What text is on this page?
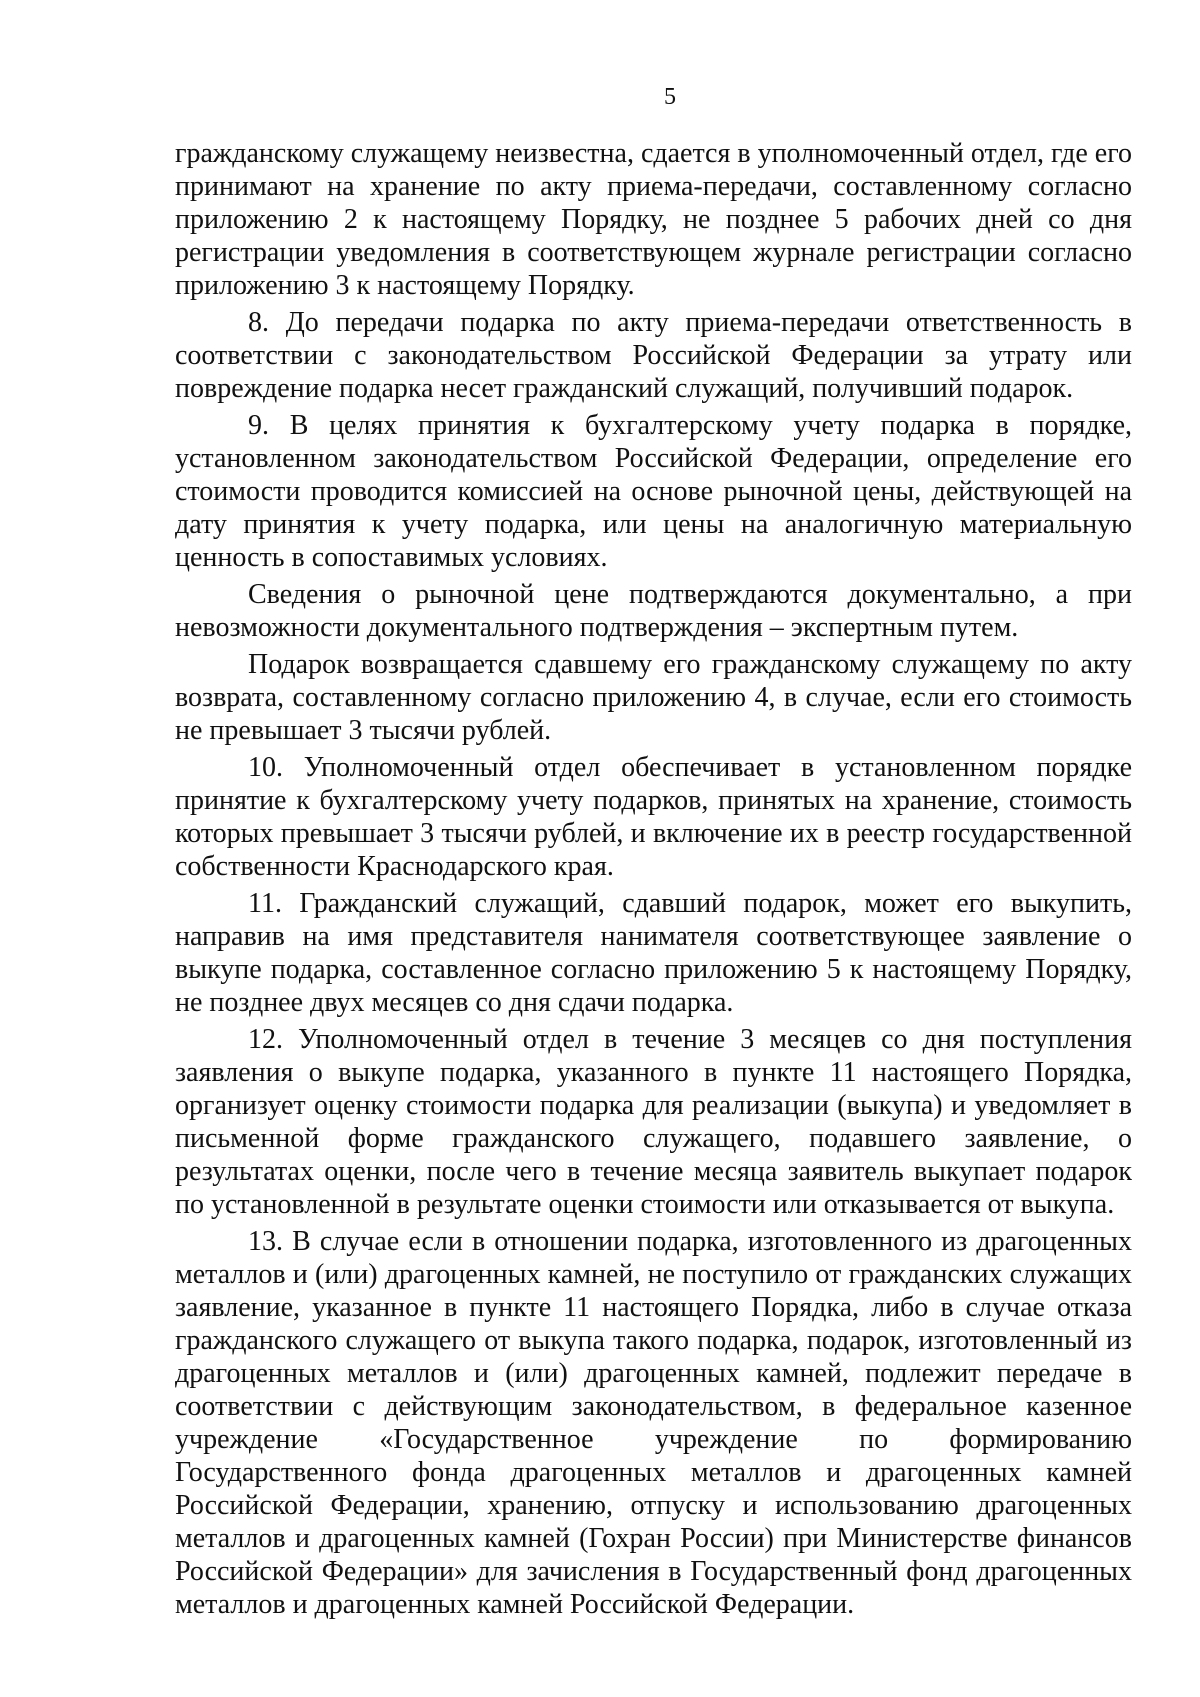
5

гражданскому служащему неизвестна, сдается в уполномоченный отдел, где его принимают на хранение по акту приема-передачи, составленному согласно приложению 2 к настоящему Порядку, не позднее 5 рабочих дней со дня регистрации уведомления в соответствующем журнале регистрации согласно приложению 3 к настоящему Порядку.

8. До передачи подарка по акту приема-передачи ответственность в соответствии с законодательством Российской Федерации за утрату или повреждение подарка несет гражданский служащий, получивший подарок.

9. В целях принятия к бухгалтерскому учету подарка в порядке, установленном законодательством Российской Федерации, определение его стоимости проводится комиссией на основе рыночной цены, действующей на дату принятия к учету подарка, или цены на аналогичную материальную ценность в сопоставимых условиях.

Сведения о рыночной цене подтверждаются документально, а при невозможности документального подтверждения – экспертным путем.

Подарок возвращается сдавшему его гражданскому служащему по акту возврата, составленному согласно приложению 4, в случае, если его стоимость не превышает 3 тысячи рублей.

10. Уполномоченный отдел обеспечивает в установленном порядке принятие к бухгалтерскому учету подарков, принятых на хранение, стоимость которых превышает 3 тысячи рублей, и включение их в реестр государственной собственности Краснодарского края.

11. Гражданский служащий, сдавший подарок, может его выкупить, направив на имя представителя нанимателя соответствующее заявление о выкупе подарка, составленное согласно приложению 5 к настоящему Порядку, не позднее двух месяцев со дня сдачи подарка.

12. Уполномоченный отдел в течение 3 месяцев со дня поступления заявления о выкупе подарка, указанного в пункте 11 настоящего Порядка, организует оценку стоимости подарка для реализации (выкупа) и уведомляет в письменной форме гражданского служащего, подавшего заявление, о результатах оценки, после чего в течение месяца заявитель выкупает подарок по установленной в результате оценки стоимости или отказывается от выкупа.

13. В случае если в отношении подарка, изготовленного из драгоценных металлов и (или) драгоценных камней, не поступило от гражданских служащих заявление, указанное в пункте 11 настоящего Порядка, либо в случае отказа гражданского служащего от выкупа такого подарка, подарок, изготовленный из драгоценных металлов и (или) драгоценных камней, подлежит передаче в соответствии с действующим законодательством, в федеральное казенное учреждение «Государственное учреждение по формированию Государственного фонда драгоценных металлов и драгоценных камней Российской Федерации, хранению, отпуску и использованию драгоценных металлов и драгоценных камней (Гохран России) при Министерстве финансов Российской Федерации» для зачисления в Государственный фонд драгоценных металлов и драгоценных камней Российской Федерации.
